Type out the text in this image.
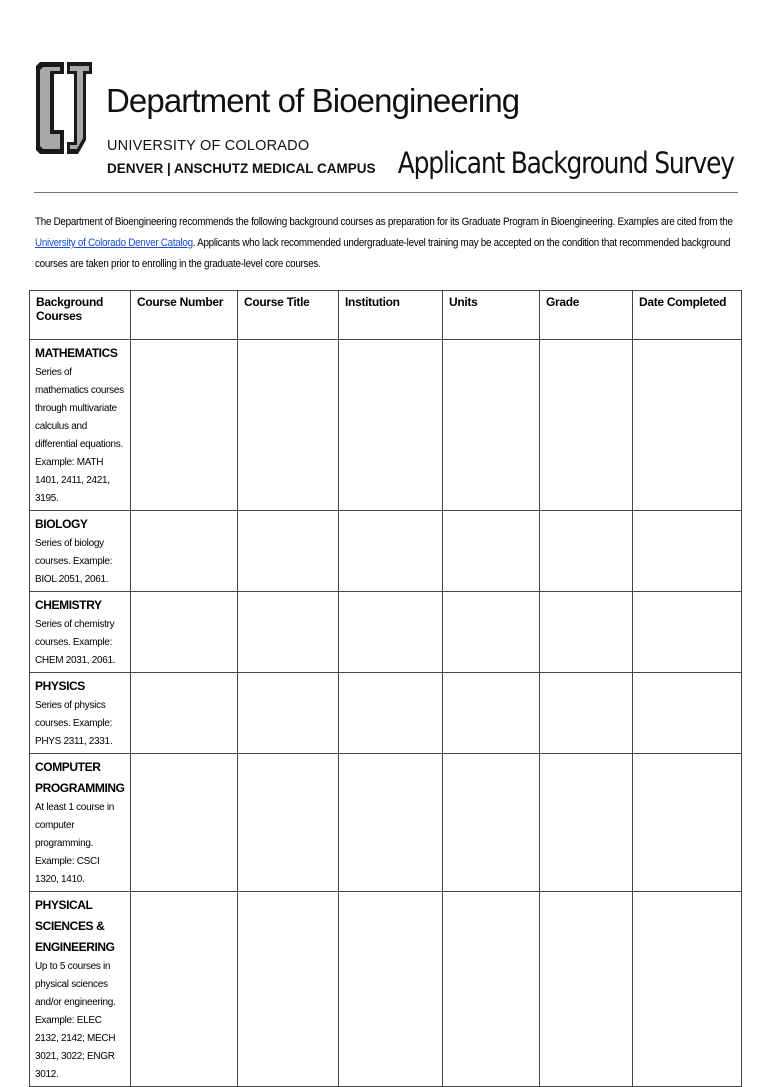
Department of Bioengineering
UNIVERSITY OF COLORADO
DENVER | ANSCHUTZ MEDICAL CAMPUS Applicant Background Survey
The Department of Bioengineering recommends the following background courses as preparation for its Graduate Program in Bioengineering. Examples are cited from the University of Colorado Denver Catalog. Applicants who lack recommended undergraduate-level training may be accepted on the condition that recommended background courses are taken prior to enrolling in the graduate-level core courses.
Background Courses	Course Number	Course Title	Institution	Units	Grade	Date Completed

MATHEMATICS
Series of mathematics courses through multivariate calculus and differential equations. Example: MATH 1401, 2411, 2421, 3195.						

BIOLOGY
Series of biology courses. Example: BIOL 2051, 2061.						

CHEMISTRY
Series of chemistry courses. Example: CHEM 2031, 2061.						

PHYSICS
Series of physics courses. Example: PHYS 2311, 2331.						

COMPUTER PROGRAMMING
At least 1 course in computer programming. Example: CSCI 1320, 1410.						

PHYSICAL SCIENCES & ENGINEERING
Up to 5 courses in physical sciences and/or engineering. Example: ELEC 2132, 2142; MECH 3021, 3022; ENGR 3012.						
